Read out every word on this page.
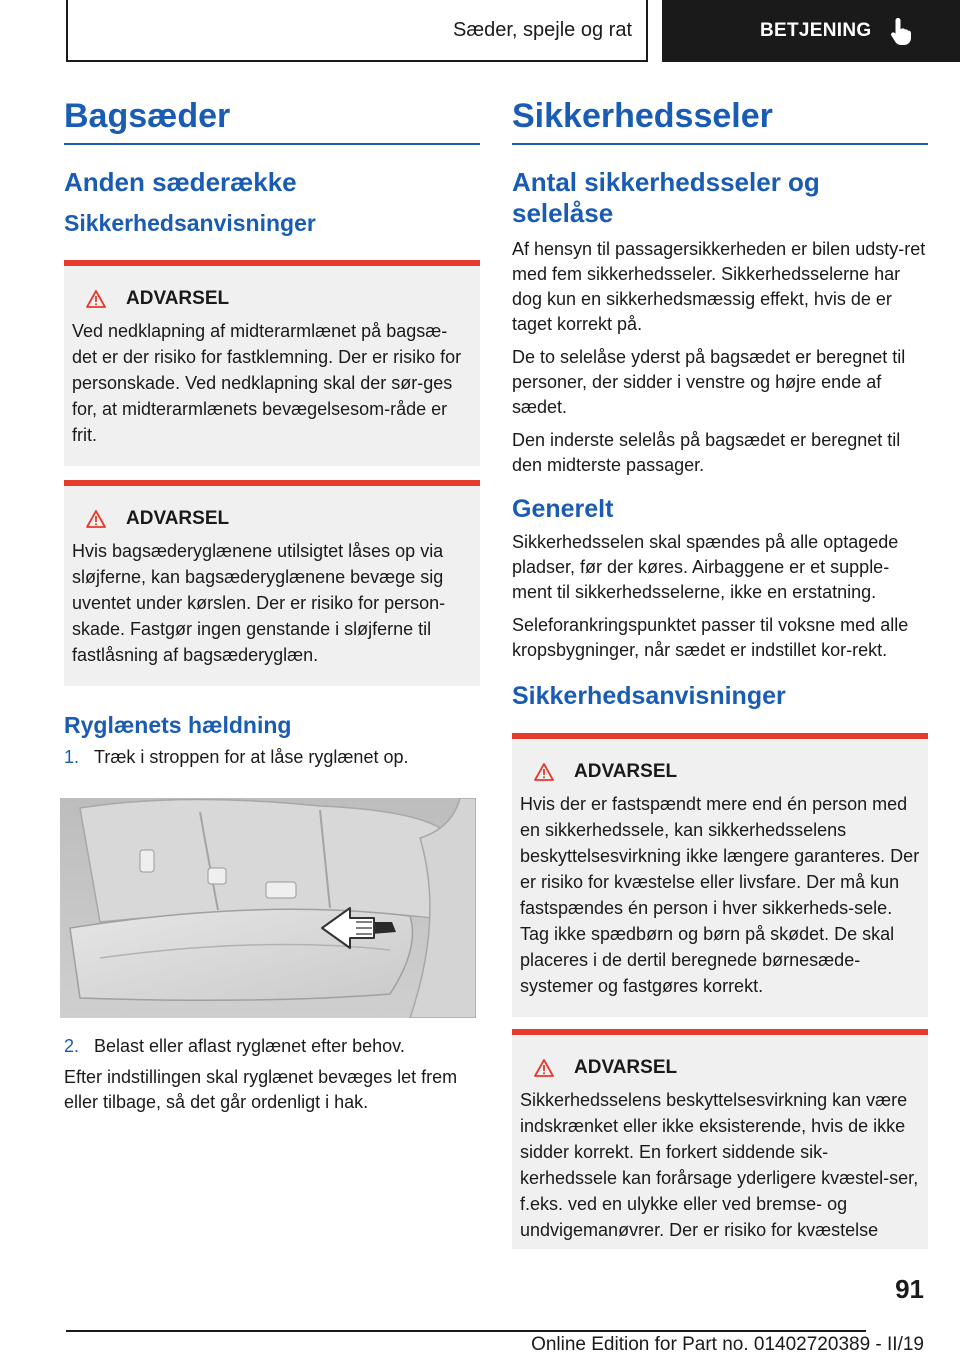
Sæder, spejle og rat	BETJENING
Bagsæder
Anden sæderække
Sikkerhedsanvisninger
ADVARSEL

Ved nedklapning af midterarmlænet på bagsæ-det er der risiko for fastklemning. Der er risiko for personskade. Ved nedklapning skal der sør-ges for, at midterarmlænets bevægelsesom-råde er frit.

ADVARSEL

Hvis bagsæderyglænene utilsigtet låses op via sløjferne, kan bagsæderyglænene bevæge sig uventet under kørslen. Der er risiko for person-skade. Fastgør ingen genstande i sløjferne til fastlåsning af bagsæderyglæn.

Ryglænets hældning
1. Træk i stroppen for at låse ryglænet op.
2. Belast eller aflast ryglænet efter behov.

Efter indstillingen skal ryglænet bevæges let frem eller tilbage, så det går ordenligt i hak.

Sikkerhedsseler
Antal sikkerhedsseler og selelåse

Af hensyn til passagersikkerheden er bilen udsty-ret med fem sikkerhedsseler. Sikkerhedsselerne har dog kun en sikkerhedsmæssig effekt, hvis de er taget korrekt på.

De to selelåse yderst på bagsædet er beregnet til personer, der sidder i venstre og højre ende af sædet.

Den inderste selelås på bagsædet er beregnet til den midterste passager.

Generelt

Sikkerhedsselen skal spændes på alle optagede pladser, før der køres. Airbaggene er et supple-ment til sikkerhedsselerne, ikke en erstatning.

Seleforankringspunktet passer til voksne med alle kropsbygninger, når sædet er indstillet kor-rekt.

Sikkerhedsanvisninger
ADVARSEL

Hvis der er fastspændt mere end én person med en sikkerhedssele, kan sikkerhedsselens beskyttelsesvirkning ikke længere garanteres. Der er risiko for kvæstelse eller livsfare. Der må kun fastspændes én person i hver sikkerheds-sele. Tag ikke spædbørn og børn på skødet. De skal placeres i de dertil beregnede børnesæde-systemer og fastgøres korrekt.

ADVARSEL

Sikkerhedsselens beskyttelsesvirkning kan være indskrænket eller ikke eksisterende, hvis de ikke sidder korrekt. En forkert siddende sik-kerhedssele kan forårsage yderligere kvæstel-ser, f.eks. ved en ulykke eller ved bremse- og undvigemanøvrer. Der er risiko for kvæstelse

91
Online Edition for Part no. 01402720389 - II/19
